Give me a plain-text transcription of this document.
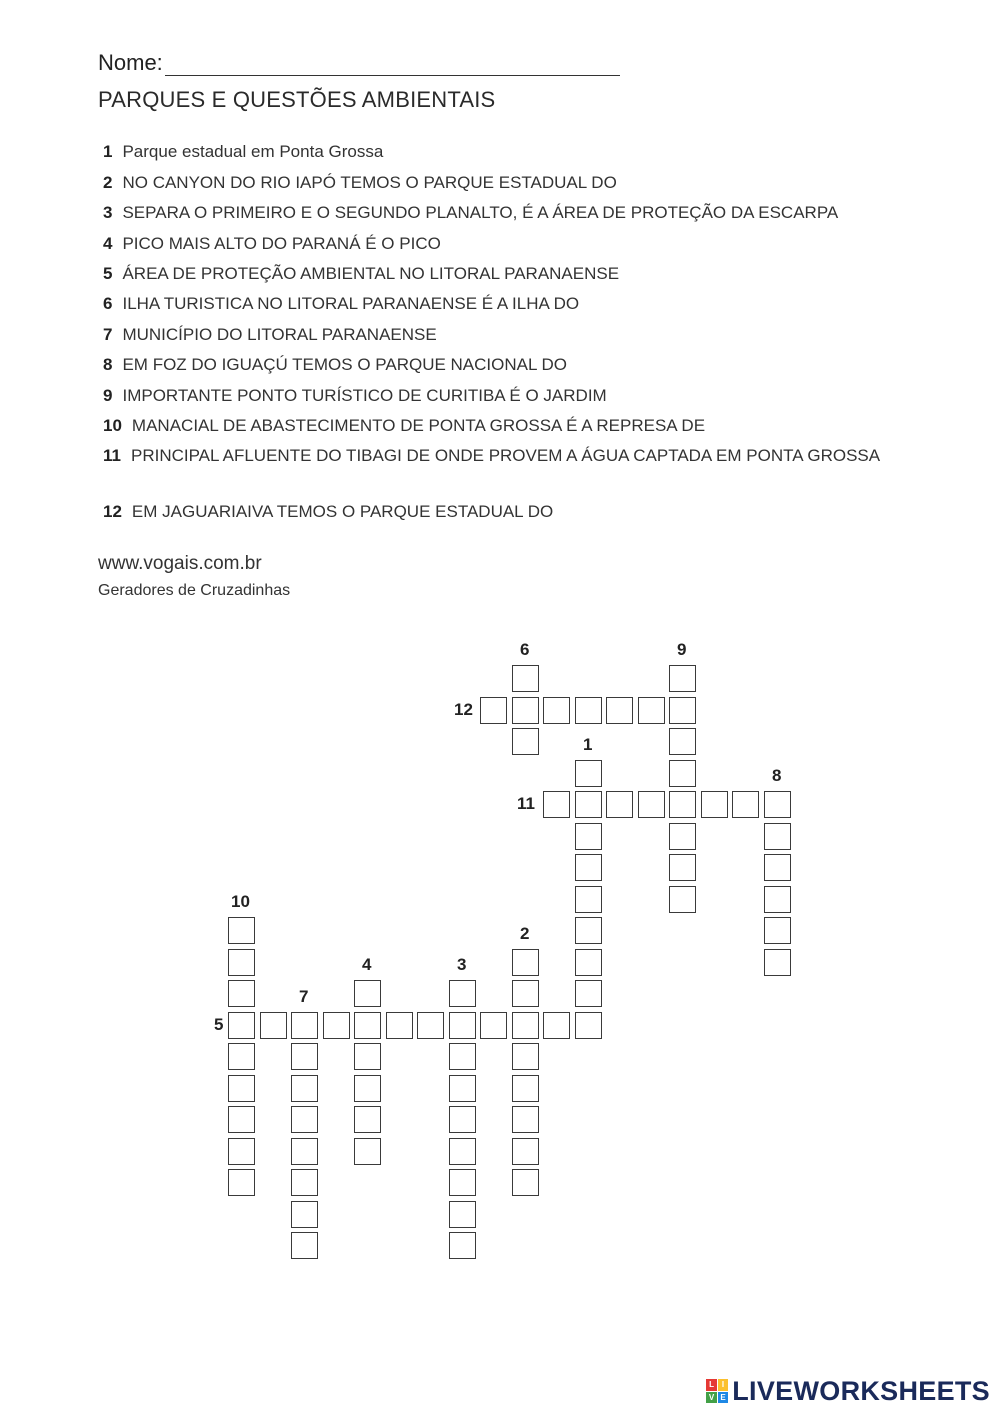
Nome:
PARQUES E QUESTÕES AMBIENTAIS
1 Parque estadual em Ponta Grossa
2 NO CANYON DO RIO IAPÓ TEMOS O PARQUE ESTADUAL DO
3 SEPARA O PRIMEIRO E O SEGUNDO PLANALTO, É A ÁREA DE PROTEÇÃO DA ESCARPA
4 PICO MAIS ALTO DO PARANÁ É O PICO
5 ÁREA DE PROTEÇÃO AMBIENTAL NO LITORAL PARANAENSE
6 ILHA TURISTICA NO LITORAL PARANAENSE É A ILHA DO
7 MUNICÍPIO DO LITORAL PARANAENSE
8 EM FOZ DO IGUAÇÚ TEMOS O PARQUE NACIONAL DO
9 IMPORTANTE PONTO TURÍSTICO DE CURITIBA É O JARDIM
10 MANACIAL DE ABASTECIMENTO DE PONTA GROSSA É A REPRESA DE
11 PRINCIPAL AFLUENTE DO TIBAGI DE ONDE PROVEM A ÁGUA CAPTADA EM PONTA GROSSA
12 EM JAGUARIAIVA TEMOS O PARQUE ESTADUAL DO
www.vogais.com.br
Geradores de Cruzadinhas
1
2
3
4
5
6
7
8
9
10
11
12
L I
V E LIVEWORKSHEETS
